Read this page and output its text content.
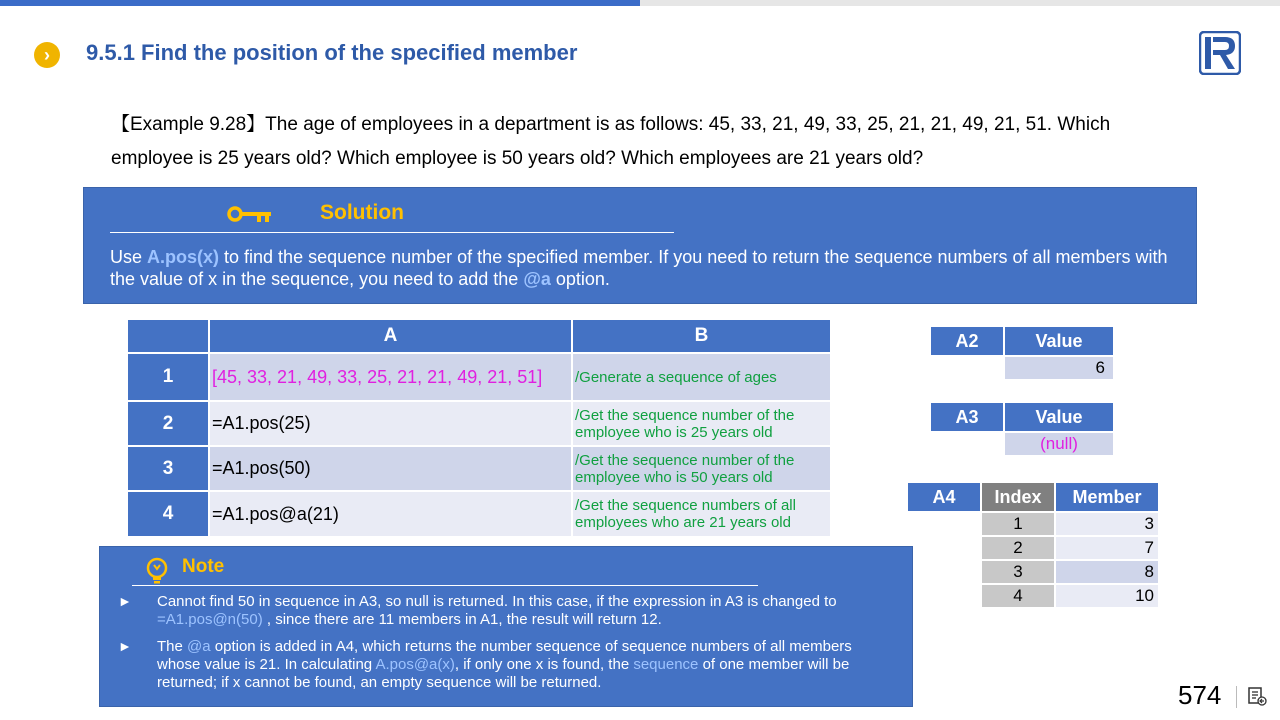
›	9.5.1 Find the position of the specified member
【Example 9.28】The age of employees in a department is as follows: 45, 33, 21, 49, 33, 25, 21, 21, 49, 21, 51. Which employee is 25 years old? Which employee is 50 years old? Which employees are 21 years old?
Solution
Use A.pos(x) to find the sequence number of the specified member. If you need to return the sequence numbers of all members with the value of x in the sequence, you need to add the @a option.
	A	B
1	[45, 33, 21, 49, 33, 25, 21, 21, 49, 21, 51]	/Generate a sequence of ages
2	=A1.pos(25)	/Get the sequence number of the employee who is 25 years old
3	=A1.pos(50)	/Get the sequence number of the employee who is 50 years old
4	=A1.pos@a(21)	/Get the sequence numbers of all employees who are 21 years old
A2	Value
	6
A3	Value
	(null)
A4	Index	Member
	1	3
	2	7
	3	8
	4	10
Note
► Cannot find 50 in sequence in A3, so null is returned. In this case, if the expression in A3 is changed to =A1.pos@n(50) , since there are 11 members in A1, the result will return 12.
► The @a option is added in A4, which returns the number sequence of sequence numbers of all members whose value is 21. In calculating A.pos@a(x), if only one x is found, the sequence of one member will be returned; if x cannot be found, an empty sequence will be returned.	574
